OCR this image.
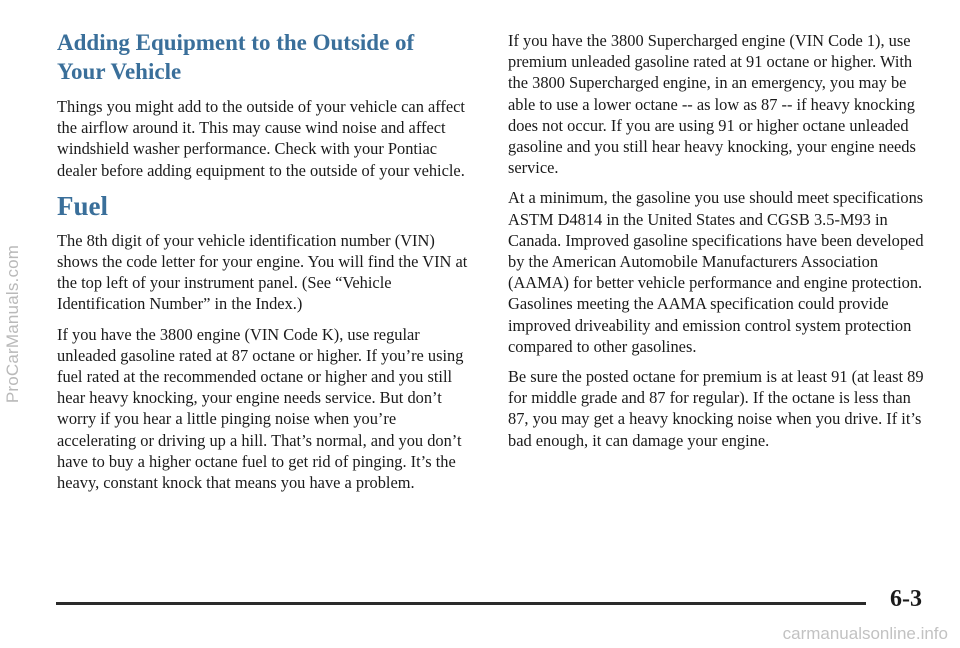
ProCarManuals.com
Adding Equipment to the Outside of
Your Vehicle

Things you might add to the outside of your vehicle can affect the airflow around it. This may cause wind noise and affect windshield washer performance. Check with your Pontiac dealer before adding equipment to the outside of your vehicle.

Fuel

The 8th digit of your vehicle identification number (VIN) shows the code letter for your engine. You will find the VIN at the top left of your instrument panel. (See “Vehicle Identification Number” in the Index.)

If you have the 3800 engine (VIN Code K), use regular unleaded gasoline rated at 87 octane or higher. If you’re using fuel rated at the recommended octane or higher and you still hear heavy knocking, your engine needs service. But don’t worry if you hear a little pinging noise when you’re accelerating or driving up a hill. That’s normal, and you don’t have to buy a higher octane fuel to get rid of pinging. It’s the heavy, constant knock that means you have a problem.

If you have the 3800 Supercharged engine (VIN Code 1), use premium unleaded gasoline rated at 91 octane or higher. With the 3800 Supercharged engine, in an emergency, you may be able to use a lower octane -- as low as 87 -- if heavy knocking does not occur. If you are using 91 or higher octane unleaded gasoline and you still hear heavy knocking, your engine needs service.

At a minimum, the gasoline you use should meet specifications ASTM D4814 in the United States and CGSB 3.5-M93 in Canada. Improved gasoline specifications have been developed by the American Automobile Manufacturers Association (AAMA) for better vehicle performance and engine protection. Gasolines meeting the AAMA specification could provide improved driveability and emission control system protection compared to other gasolines.

Be sure the posted octane for premium is at least 91 (at least 89 for middle grade and 87 for regular). If the octane is less than 87, you may get a heavy knocking noise when you drive. If it’s bad enough, it can damage your engine.

6-3
carmanualsonline.info
